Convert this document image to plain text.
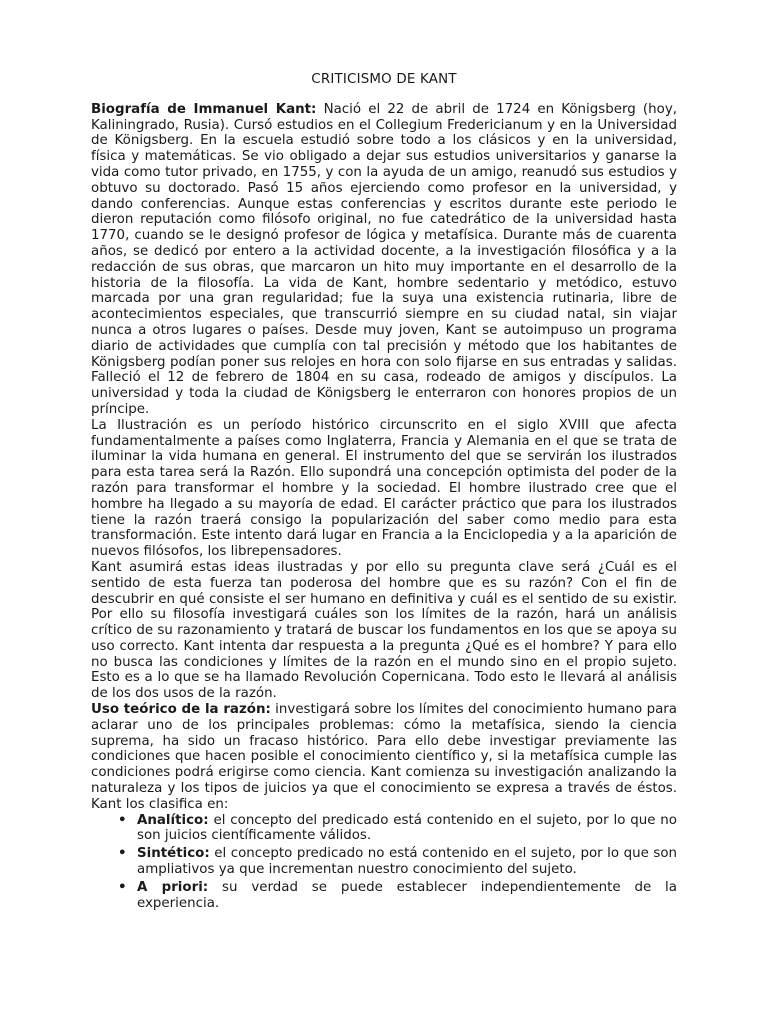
CRITICISMO DE KANT

Biografía de Immanuel Kant: Nació el 22 de abril de 1724 en Königsberg (hoy, Kaliningrado, Rusia). Cursó estudios en el Collegium Fredericianum y en la Universidad de Königsberg. En la escuela estudió sobre todo a los clásicos y en la universidad, física y matemáticas. Se vio obligado a dejar sus estudios universitarios y ganarse la vida como tutor privado, en 1755, y con la ayuda de un amigo, reanudó sus estudios y obtuvo su doctorado. Pasó 15 años ejerciendo como profesor en la universidad, y dando conferencias. Aunque estas conferencias y escritos durante este periodo le dieron reputación como filósofo original, no fue catedrático de la universidad hasta 1770, cuando se le designó profesor de lógica y metafísica. Durante más de cuarenta años, se dedicó por entero a la actividad docente, a la investigación filosófica y a la redacción de sus obras, que marcaron un hito muy importante en el desarrollo de la historia de la filosofía. La vida de Kant, hombre sedentario y metódico, estuvo marcada por una gran regularidad; fue la suya una existencia rutinaria, libre de acontecimientos especiales, que transcurrió siempre en su ciudad natal, sin viajar nunca a otros lugares o países. Desde muy joven, Kant se autoimpuso un programa diario de actividades que cumplía con tal precisión y método que los habitantes de Königsberg podían poner sus relojes en hora con solo fijarse en sus entradas y salidas. Falleció el 12 de febrero de 1804 en su casa, rodeado de amigos y discípulos. La universidad y toda la ciudad de Königsberg le enterraron con honores propios de un príncipe.

La Ilustración es un período histórico circunscrito en el siglo XVIII que afecta fundamentalmente a países como Inglaterra, Francia y Alemania en el que se trata de iluminar la vida humana en general. El instrumento del que se servirán los ilustrados para esta tarea será la Razón. Ello supondrá una concepción optimista del poder de la razón para transformar el hombre y la sociedad. El hombre ilustrado cree que el hombre ha llegado a su mayoría de edad. El carácter práctico que para los ilustrados tiene la razón traerá consigo la popularización del saber como medio para esta transformación. Este intento dará lugar en Francia a la Enciclopedia y a la aparición de nuevos filósofos, los librepensadores.

Kant asumirá estas ideas ilustradas y por ello su pregunta clave será ¿Cuál es el sentido de esta fuerza tan poderosa del hombre que es su razón? Con el fin de descubrir en qué consiste el ser humano en definitiva y cuál es el sentido de su existir. Por ello su filosofía investigará cuáles son los límites de la razón, hará un análisis crítico de su razonamiento y tratará de buscar los fundamentos en los que se apoya su uso correcto. Kant intenta dar respuesta a la pregunta ¿Qué es el hombre? Y para ello no busca las condiciones y límites de la razón en el mundo sino en el propio sujeto. Esto es a lo que se ha llamado Revolución Copernicana. Todo esto le llevará al análisis de los dos usos de la razón.

Uso teórico de la razón: investigará sobre los límites del conocimiento humano para aclarar uno de los principales problemas: cómo la metafísica, siendo la ciencia suprema, ha sido un fracaso histórico. Para ello debe investigar previamente las condiciones que hacen posible el conocimiento científico y, si la metafísica cumple las condiciones podrá erigirse como ciencia. Kant comienza su investigación analizando la naturaleza y los tipos de juicios ya que el conocimiento se expresa a través de éstos. Kant los clasifica en:

• Analítico: el concepto del predicado está contenido en el sujeto, por lo que no son juicios científicamente válidos.
• Sintético: el concepto predicado no está contenido en el sujeto, por lo que son ampliativos ya que incrementan nuestro conocimiento del sujeto.
• A priori: su verdad se puede establecer independientemente de la experiencia.
